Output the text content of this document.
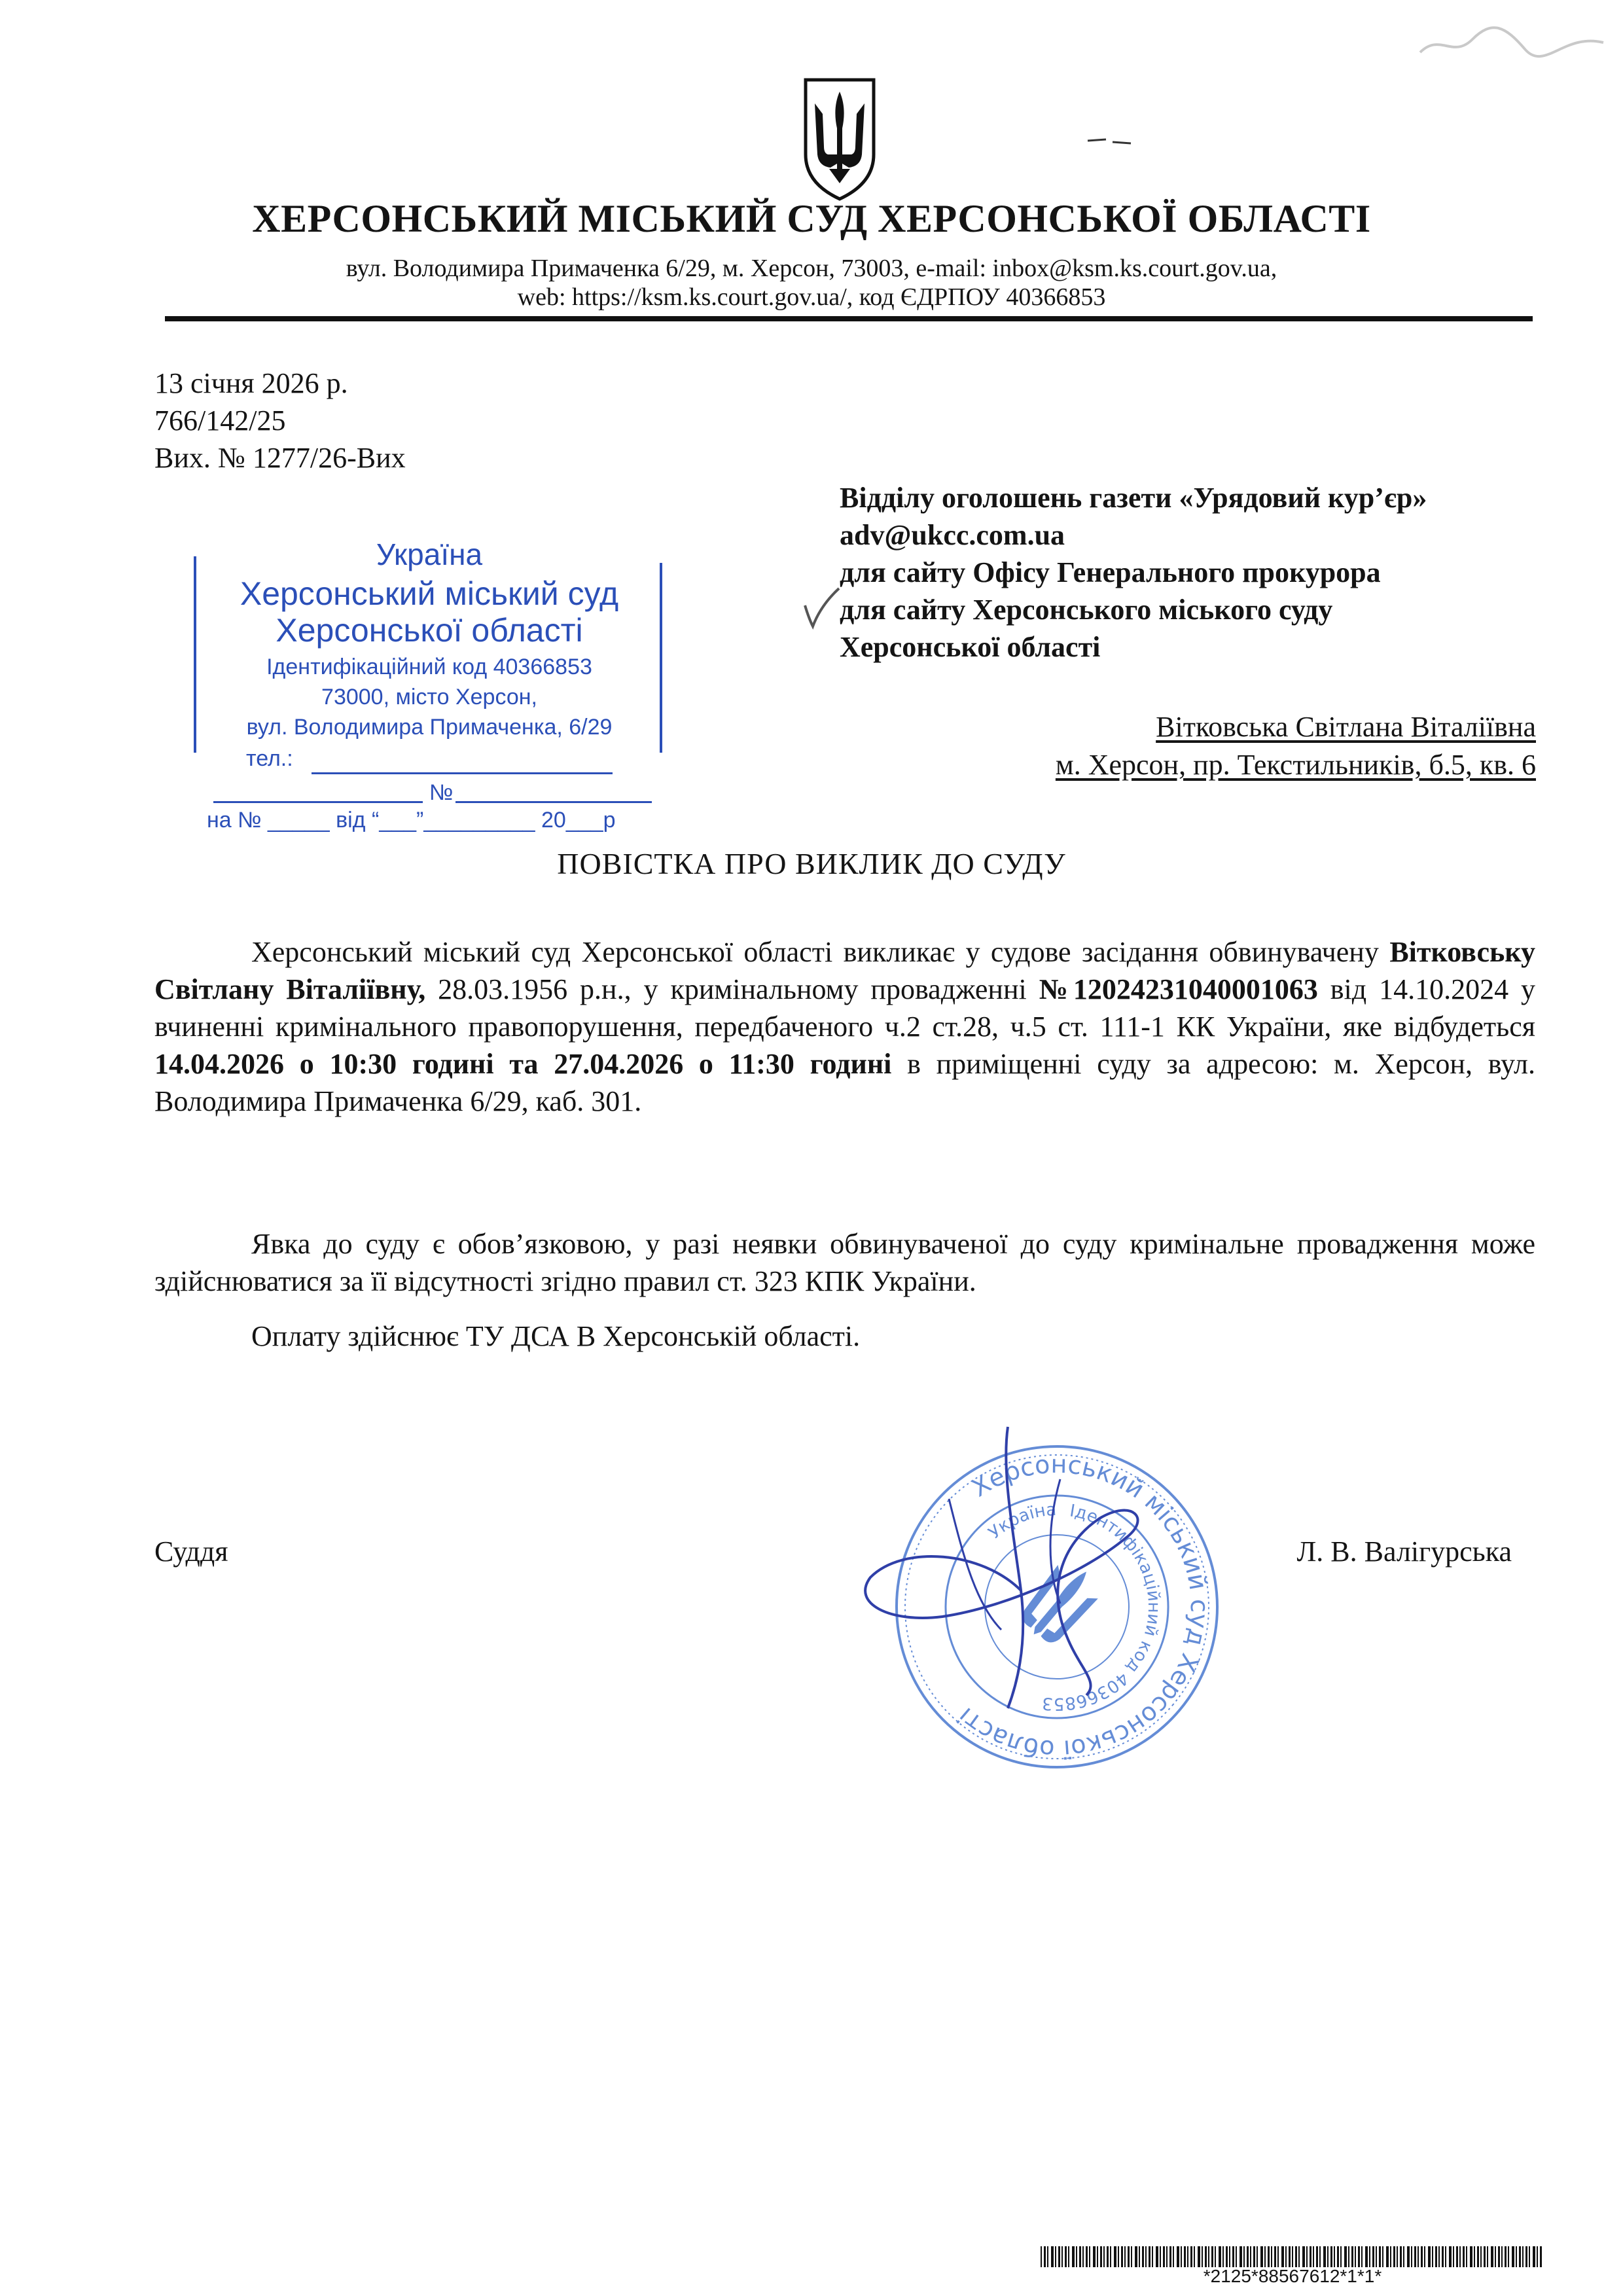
ХЕРСОНСЬКИЙ МІСЬКИЙ СУД ХЕРСОНСЬКОЇ ОБЛАСТІ
вул. Володимира Примаченка 6/29, м. Херсон, 73003, e-mail: inbox@ksm.ks.court.gov.ua,
web: https://ksm.ks.court.gov.ua/, код ЄДРПОУ 40366853
13 січня 2026 р.
766/142/25
Вих. № 1277/26-Вих
Відділу оголошень газети «Урядовий кур’єр»
adv@ukcc.com.ua
для сайту Офісу Генерального прокурора
для сайту Херсонського міського суду
Херсонської області
Вітковська Світлана Віталіївна
м. Херсон, пр. Текстильників, б.5, кв. 6
Україна
Херсонський міський суд
Херсонської області
Ідентифікаційний код 40366853
73000, місто Херсон,
вул. Володимира Примаченка, 6/29
тел.:
№
на № _____ від “___”_________ 20___р
ПОВІСТКА ПРО ВИКЛИК ДО СУДУ
Херсонський міський суд Херсонської області викликає у судове засідання обвинувачену Вітковську Світлану Віталіївну, 28.03.1956 р.н., у кримінальному провадженні №12024231040001063 від 14.10.2024 у вчиненні кримінального правопорушення, передбаченого ч.2 ст.28, ч.5 ст. 111-1 КК України, яке відбудеться 14.04.2026 о 10:30 годині та 27.04.2026 о 11:30 годині в приміщенні суду за адресою: м. Херсон, вул. Володимира Примаченка 6/29, каб. 301.
Явка до суду є обов’язковою, у разі неявки обвинуваченої до суду кримінальне провадження може здійснюватися за її відсутності згідно правил ст. 323 КПК України.
Оплату здійснює ТУ ДСА В Херсонській області.
Суддя	Л. В. Валігурська
Херсонський міський суд Херсонської області
Україна Ідентифікаційний код 40366853
*2125*88567612*1*1*
